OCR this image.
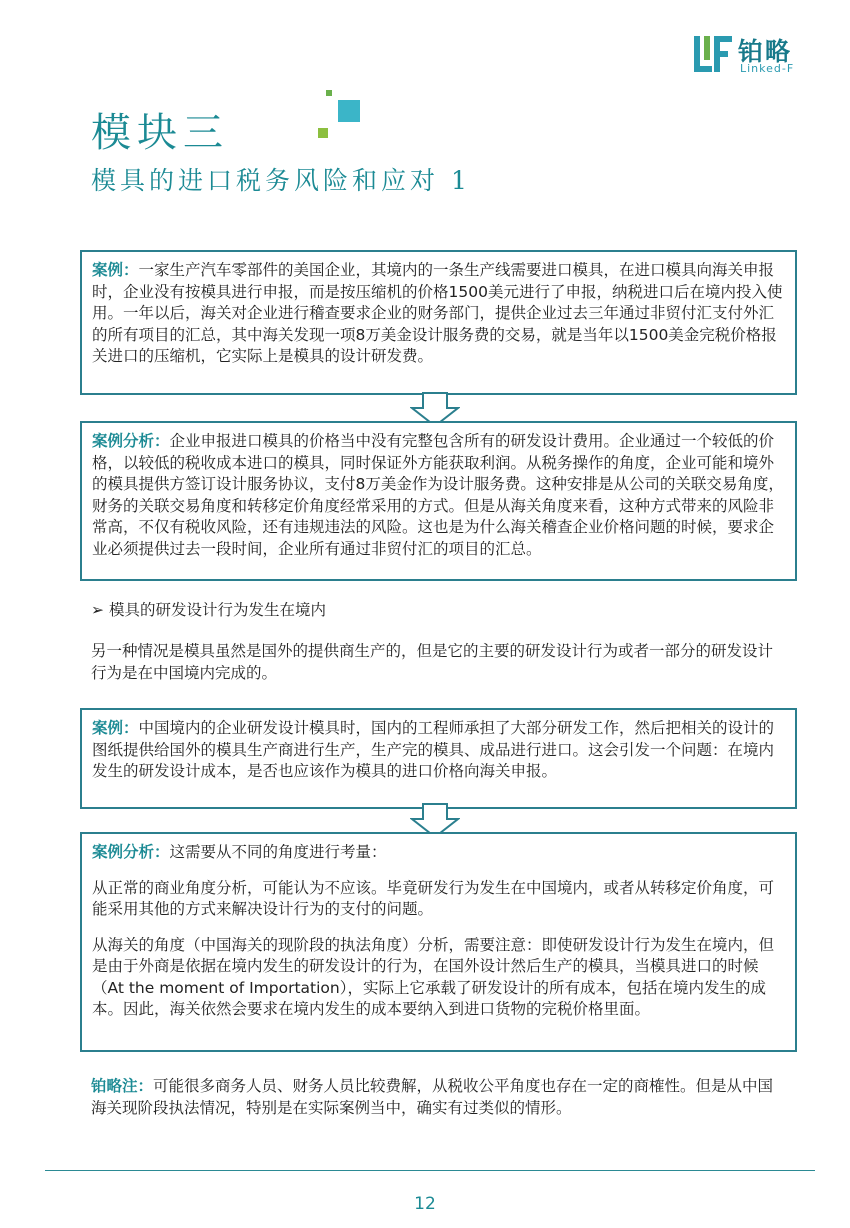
铂略
Linked-F
模块三
模具的进口税务风险和应对 1

案例：一家生产汽车零部件的美国企业，其境内的一条生产线需要进口模具，在进口模具向海关申报时，企业没有按模具进行申报，而是按压缩机的价格1500美元进行了申报，纳税进口后在境内投入使用。一年以后，海关对企业进行稽查要求企业的财务部门，提供企业过去三年通过非贸付汇支付外汇的所有项目的汇总，其中海关发现一项8万美金设计服务费的交易，就是当年以1500美金完税价格报关进口的压缩机，它实际上是模具的设计研发费。

案例分析：企业申报进口模具的价格当中没有完整包含所有的研发设计费用。企业通过一个较低的价格，以较低的税收成本进口的模具，同时保证外方能获取利润。从税务操作的角度，企业可能和境外的模具提供方签订设计服务协议，支付8万美金作为设计服务费。这种安排是从公司的关联交易角度，财务的关联交易角度和转移定价角度经常采用的方式。但是从海关角度来看，这种方式带来的风险非常高，不仅有税收风险，还有违规违法的风险。这也是为什么海关稽查企业价格问题的时候，要求企业必须提供过去一段时间，企业所有通过非贸付汇的项目的汇总。

➢ 模具的研发设计行为发生在境内
另一种情况是模具虽然是国外的提供商生产的，但是它的主要的研发设计行为或者一部分的研发设计行为是在中国境内完成的。

案例：中国境内的企业研发设计模具时，国内的工程师承担了大部分研发工作，然后把相关的设计的图纸提供给国外的模具生产商进行生产，生产完的模具、成品进行进口。这会引发一个问题：在境内发生的研发设计成本，是否也应该作为模具的进口价格向海关申报。

案例分析：这需要从不同的角度进行考量：

从正常的商业角度分析，可能认为不应该。毕竟研发行为发生在中国境内，或者从转移定价角度，可能采用其他的方式来解决设计行为的支付的问题。

从海关的角度（中国海关的现阶段的执法角度）分析，需要注意：即使研发设计行为发生在境内，但是由于外商是依据在境内发生的研发设计的行为，在国外设计然后生产的模具，当模具进口的时候（At the moment of Importation），实际上它承载了研发设计的所有成本，包括在境内发生的成本。因此，海关依然会要求在境内发生的成本要纳入到进口货物的完税价格里面。

铂略注：可能很多商务人员、财务人员比较费解，从税收公平角度也存在一定的商榷性。但是从中国海关现阶段执法情况，特别是在实际案例当中，确实有过类似的情形。
12
